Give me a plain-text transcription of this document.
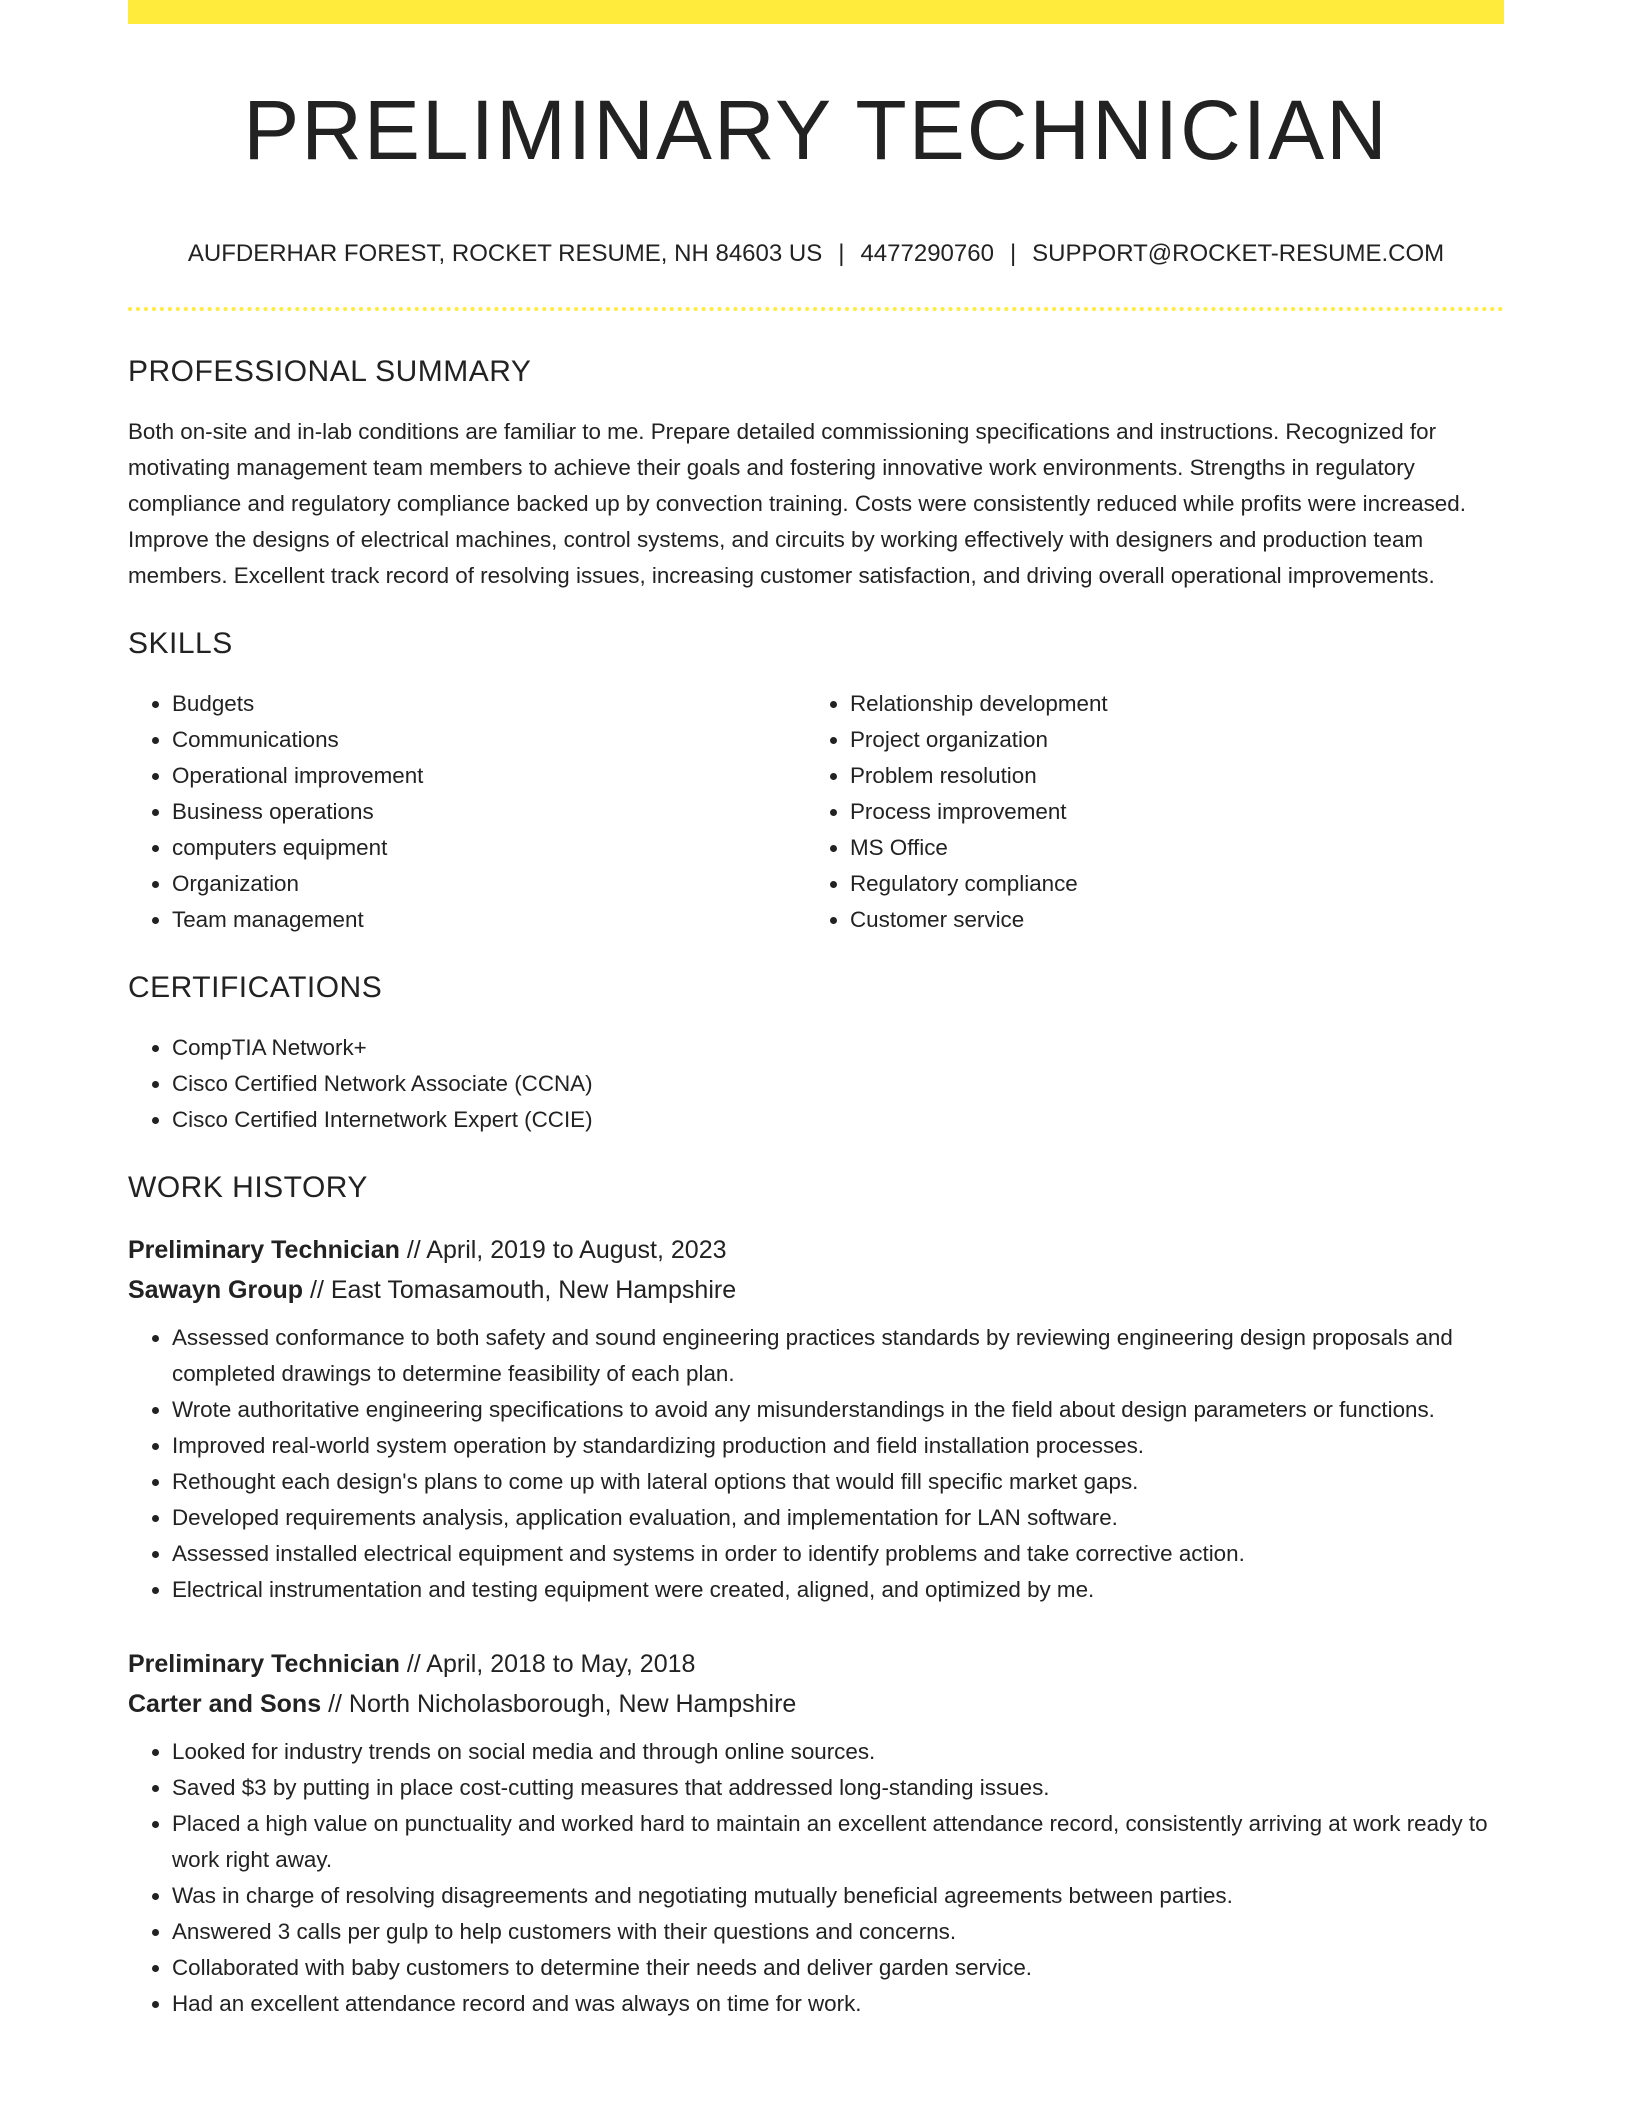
PRELIMINARY TECHNICIAN
AUFDERHAR FOREST, ROCKET RESUME, NH 84603 US | 4477290760 | SUPPORT@ROCKET-RESUME.COM
PROFESSIONAL SUMMARY

Both on-site and in-lab conditions are familiar to me. Prepare detailed commissioning specifications and instructions. Recognized for motivating management team members to achieve their goals and fostering innovative work environments. Strengths in regulatory compliance and regulatory compliance backed up by convection training. Costs were consistently reduced while profits were increased. Improve the designs of electrical machines, control systems, and circuits by working effectively with designers and production team members. Excellent track record of resolving issues, increasing customer satisfaction, and driving overall operational improvements.

SKILLS
• Budgets
• Communications
• Operational improvement
• Business operations
• computers equipment
• Organization
• Team management
• Relationship development
• Project organization
• Problem resolution
• Process improvement
• MS Office
• Regulatory compliance
• Customer service
CERTIFICATIONS
• CompTIA Network+
• Cisco Certified Network Associate (CCNA)
• Cisco Certified Internetwork Expert (CCIE)
WORK HISTORY

Preliminary Technician // April, 2019 to August, 2023

Sawayn Group // East Tomasamouth, New Hampshire

• Assessed conformance to both safety and sound engineering practices standards by reviewing engineering design proposals and completed drawings to determine feasibility of each plan.
• Wrote authoritative engineering specifications to avoid any misunderstandings in the field about design parameters or functions.
• Improved real-world system operation by standardizing production and field installation processes.
• Rethought each design's plans to come up with lateral options that would fill specific market gaps.
• Developed requirements analysis, application evaluation, and implementation for LAN software.
• Assessed installed electrical equipment and systems in order to identify problems and take corrective action.
• Electrical instrumentation and testing equipment were created, aligned, and optimized by me.

Preliminary Technician // April, 2018 to May, 2018

Carter and Sons // North Nicholasborough, New Hampshire

• Looked for industry trends on social media and through online sources.
• Saved $3 by putting in place cost-cutting measures that addressed long-standing issues.
• Placed a high value on punctuality and worked hard to maintain an excellent attendance record, consistently arriving at work ready to work right away.
• Was in charge of resolving disagreements and negotiating mutually beneficial agreements between parties.
• Answered 3 calls per gulp to help customers with their questions and concerns.
• Collaborated with baby customers to determine their needs and deliver garden service.
• Had an excellent attendance record and was always on time for work.
